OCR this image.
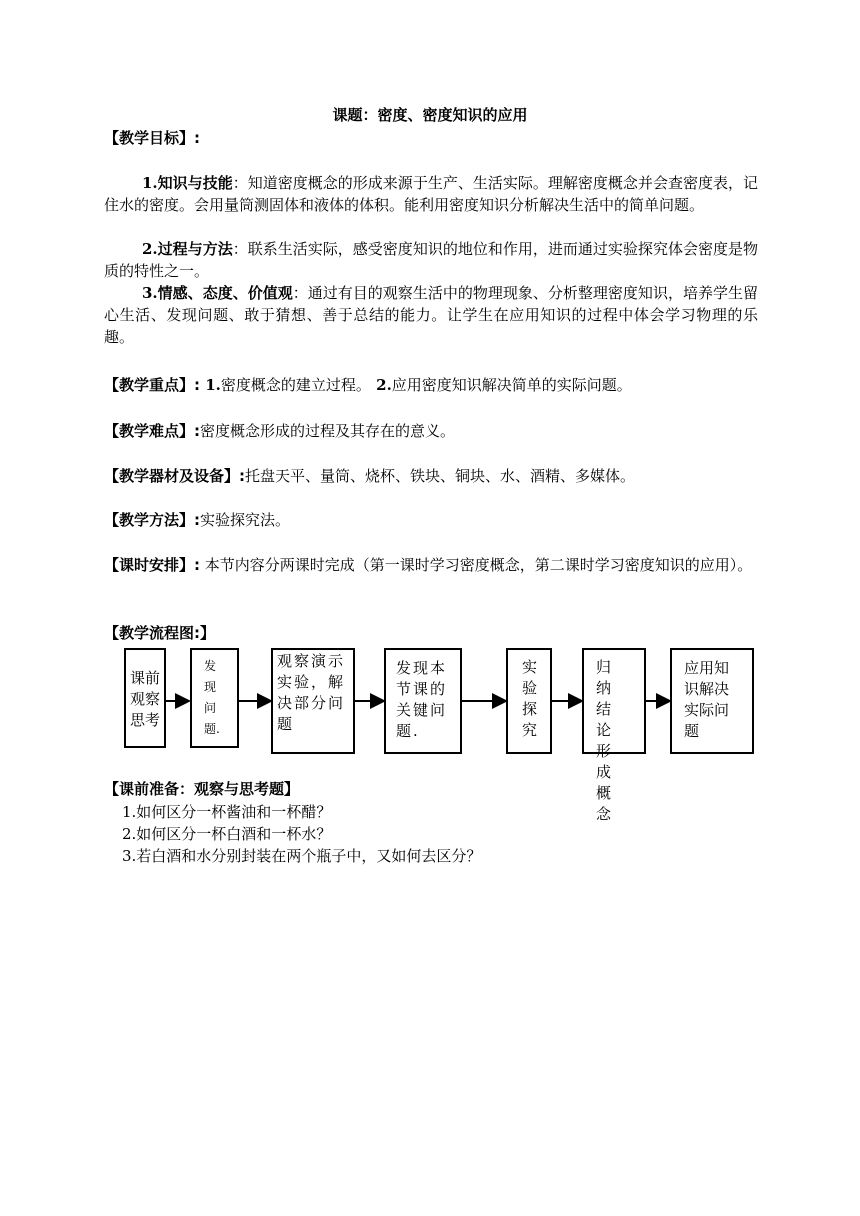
课题：密度、密度知识的应用
【教学目标】:
1.知识与技能：知道密度概念的形成来源于生产、生活实际。理解密度概念并会查密度表，记住水的密度。会用量筒测固体和液体的体积。能利用密度知识分析解决生活中的简单问题。
2.过程与方法：联系生活实际，感受密度知识的地位和作用，进而通过实验探究体会密度是物质的特性之一。
3.情感、态度、价值观：通过有目的观察生活中的物理现象、分析整理密度知识，培养学生留心生活、发现问题、敢于猜想、善于总结的能力。让学生在应用知识的过程中体会学习物理的乐趣。
【教学重点】: 1.密度概念的建立过程。 2.应用密度知识解决简单的实际问题。
【教学难点】:密度概念形成的过程及其存在的意义。
【教学器材及设备】:托盘天平、量筒、烧杯、铁块、铜块、水、酒精、多媒体。
【教学方法】:实验探究法。
【课时安排】: 本节内容分两课时完成（第一课时学习密度概念，第二课时学习密度知识的应用）。
【教学流程图:】
课前观察思考
发现问题.
观察演示实验，解决部分问题
发现本节课的关键问题.
实验探究
归纳结论形成概念
应用知识解决实际问题
【课前准备：观察与思考题】
1.如何区分一杯酱油和一杯醋？
2.如何区分一杯白酒和一杯水？
3.若白酒和水分别封装在两个瓶子中，又如何去区分？
